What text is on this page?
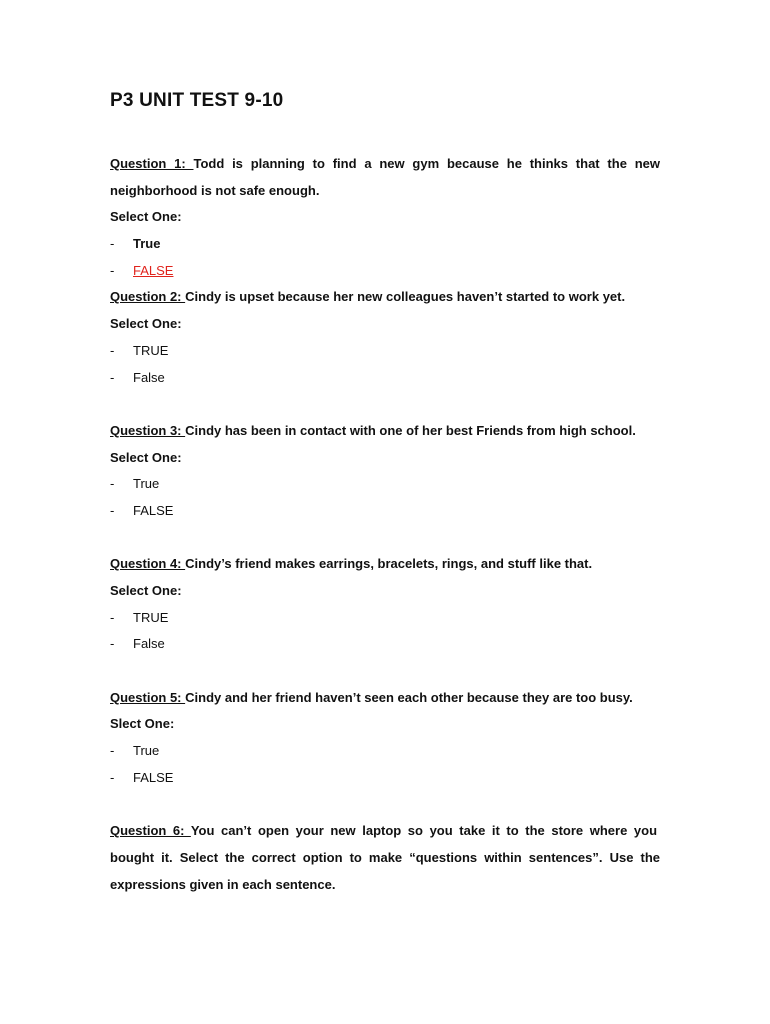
P3 UNIT TEST 9-10
Question 1: Todd is planning to find a new gym because he thinks that the new
neighborhood is not safe enough.
Select One:
-	True
-	FALSE
Question 2: Cindy is upset because her new colleagues haven’t started to work yet.
Select One:
-	TRUE
-	False
Question 3: Cindy has been in contact with one of her best Friends from high school.
Select One:
-	True
-	FALSE
Question 4: Cindy’s friend makes earrings, bracelets, rings, and stuff like that.
Select One:
-	TRUE
-	False
Question 5: Cindy and her friend haven’t seen each other because they are too busy.
Slect One:
-	True
-	FALSE
Question 6: You can’t open your new laptop so you take it to the store where you
bought it. Select the correct option to make “questions within sentences”. Use the
expressions given in each sentence.
